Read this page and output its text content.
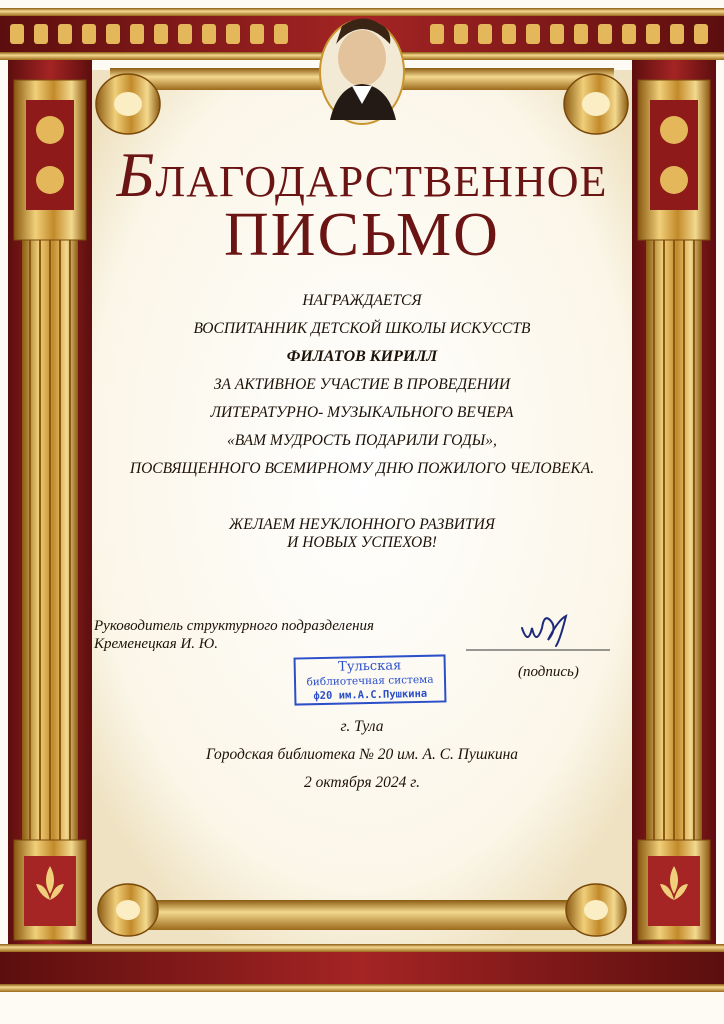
БЛАГОДАРСТВЕННОЕ
ПИСЬМО
НАГРАЖДАЕТСЯ
ВОСПИТАННИК ДЕТСКОЙ ШКОЛЫ ИСКУССТВ
ФИЛАТОВ КИРИЛЛ
ЗА АКТИВНОЕ УЧАСТИЕ В ПРОВЕДЕНИИ
ЛИТЕРАТУРНО- МУЗЫКАЛЬНОГО ВЕЧЕРА
«ВАМ МУДРОСТЬ ПОДАРИЛИ ГОДЫ»,
ПОСВЯЩЕННОГО ВСЕМИРНОМУ ДНЮ ПОЖИЛОГО ЧЕЛОВЕКА.
ЖЕЛАЕМ НЕУКЛОННОГО РАЗВИТИЯ
И НОВЫХ УСПЕХОВ!
Руководитель структурного подразделения
Кременецкая И. Ю.
(подпись)
Тульская
библиотечная система
ф20 им.А.С.Пушкина
г. Тула
Городская библиотека № 20 им. А. С. Пушкина
2 октября 2024 г.
